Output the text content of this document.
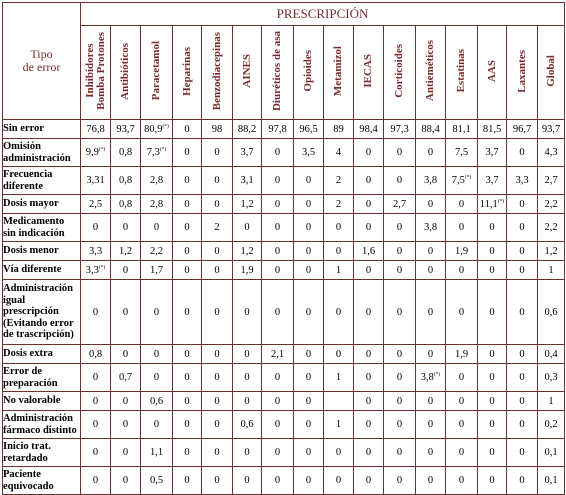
Tipo
de error	PRESCRIPCIÓN															
	Inhibidores
Bomba Protones	Antibióticos	Paracetamol	Heparinas	Benzodiacepinas	AINES	Diuréticos de asa	Opioides	Metamizol	IECAS	Corticoides	Antieméticos	Estatinas	AAS	Laxantes	Global
Sin error	76,8	93,7	80,9(*)	0	98	88,2	97,8	96,5	89	98,4	97,3	88,4	81,1	81,5	96,7	93,7
Omisión
administración	9,9(*)	0,8	7,3(*)	0	0	3,7	0	3,5	4	0	0	0	7,5	3,7	0	4,3
Frecuencia
diferente	3,31	0,8	2,8	0	0	3,1	0	0	2	0	0	3,8	7,5(*)	3,7	3,3	2,7
Dosis mayor	2,5	0,8	2,8	0	0	1,2	0	0	2	0	2,7	0	0	11,1(*)	0	2,2
Medicamento
sin indicación	0	0	0	0	2	0	0	0	0	0	0	3,8	0	0	0	2,2
Dosis menor	3,3	1,2	2,2	0	0	1,2	0	0	0	1,6	0	0	1,9	0	0	1,2
Vía diferente	3,3(*)	0	1,7	0	0	1,9	0	0	1	0	0	0	0	0	0	1
Administración
igual
prescripción
(Evitando error
de trascripción)	0	0	0	0	0	0	0	0	0	0	0	0	0	0	0	0,6
Dosis extra	0,8	0	0	0	0	0	2,1	0	0	0	0	0	1,9	0	0	0,4
Error de
preparación	0	0,7	0	0	0	0	0	0	1	0	0	3,8(*)	0	0	0	0,3
No valorable	0	0	0,6	0	0	0	0	0		0	0	0	0	0	0	1
Administración
fármaco distinto	0	0	0	0	0	0,6	0	0	1	0	0	0	0	0	0	0,2
Inicio trat.
retardado	0	0	1,1	0	0	0	0	0	0	0	0	0	0	0	0	0,1
Paciente
equivocado	0	0	0,5	0	0	0	0	0	0	0	0	0	0	0	0	0,1
